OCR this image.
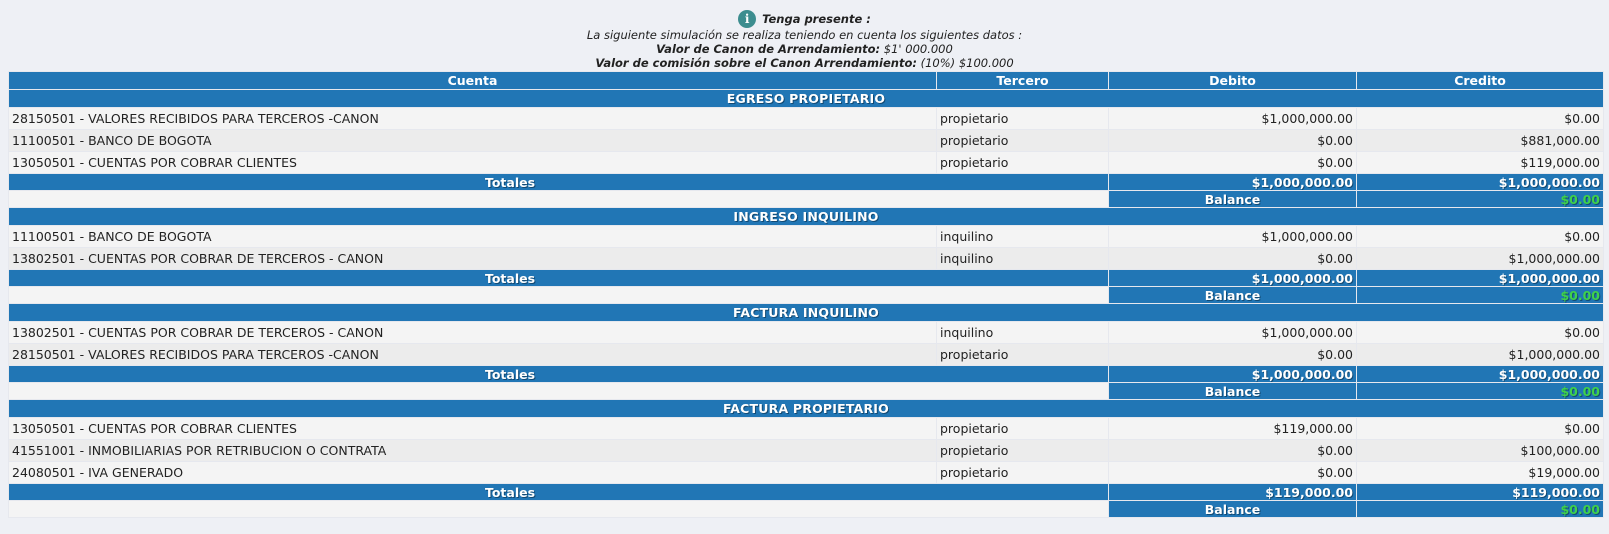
i	Tenga presente :
La siguiente simulación se realiza teniendo en cuenta los siguientes datos :
Valor de Canon de Arrendamiento: $1' 000.000
Valor de comisión sobre el Canon Arrendamiento: (10%) $100.000
Cuenta	Tercero	Debito	Credito
EGRESO PROPIETARIO			
28150501 - VALORES RECIBIDOS PARA TERCEROS -CANON	propietario	$1,000,000.00	$0.00
11100501 - BANCO DE BOGOTA	propietario	$0.00	$881,000.00
13050501 - CUENTAS POR COBRAR CLIENTES	propietario	$0.00	$119,000.00
Totales		$1,000,000.00	$1,000,000.00
		Balance	$0.00
INGRESO INQUILINO			
11100501 - BANCO DE BOGOTA	inquilino	$1,000,000.00	$0.00
13802501 - CUENTAS POR COBRAR DE TERCEROS - CANON	inquilino	$0.00	$1,000,000.00
Totales		$1,000,000.00	$1,000,000.00
		Balance	$0.00
FACTURA INQUILINO			
13802501 - CUENTAS POR COBRAR DE TERCEROS - CANON	inquilino	$1,000,000.00	$0.00
28150501 - VALORES RECIBIDOS PARA TERCEROS -CANON	propietario	$0.00	$1,000,000.00
Totales		$1,000,000.00	$1,000,000.00
		Balance	$0.00
FACTURA PROPIETARIO			
13050501 - CUENTAS POR COBRAR CLIENTES	propietario	$119,000.00	$0.00
41551001 - INMOBILIARIAS POR RETRIBUCION O CONTRATA	propietario	$0.00	$100,000.00
24080501 - IVA GENERADO	propietario	$0.00	$19,000.00
Totales		$119,000.00	$119,000.00
		Balance	$0.00
